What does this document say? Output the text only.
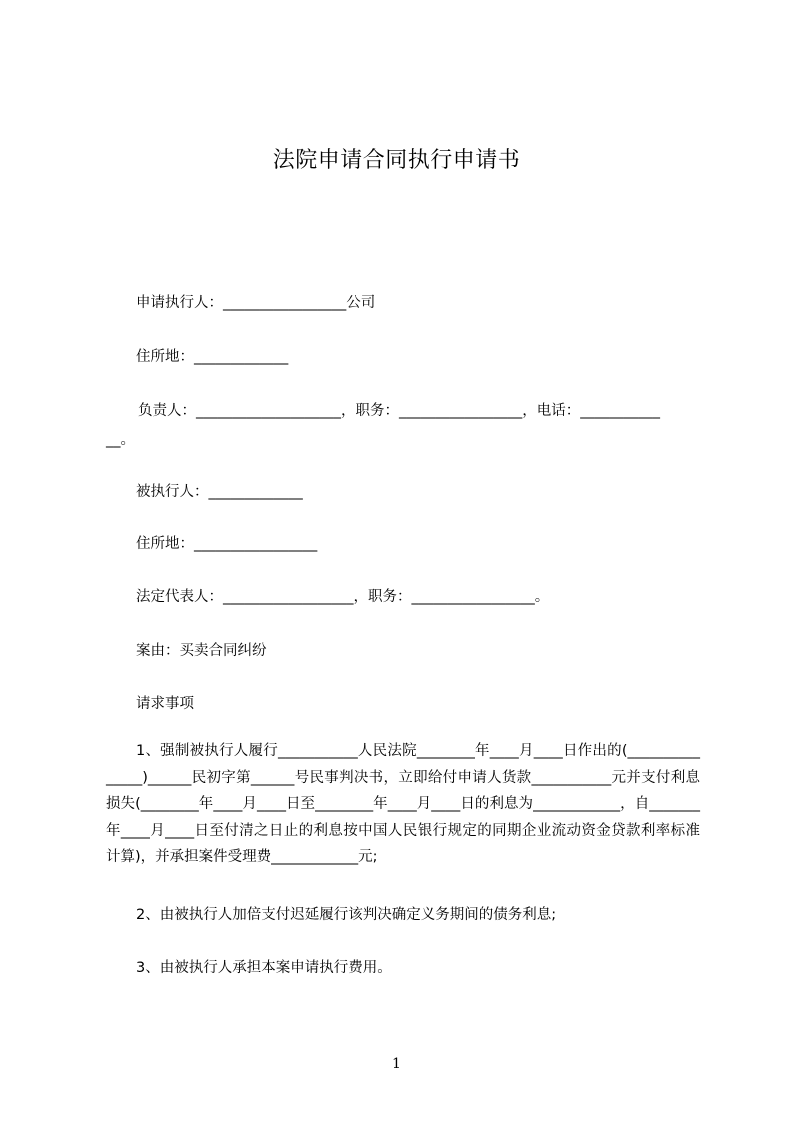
法院申请合同执行申请书
申请执行人：_________________公司
住所地：_____________
负责人：____________________，职务：_________________，电话：___________
__。
被执行人：_____________
住所地：_________________
法定代表人：__________________，职务：_________________。
案由：买卖合同纠纷
请求事项
1、强制被执行人履行___________人民法院________年____月____日作出的(_______________)______民初字第______号民事判决书，立即给付申请人货款___________元并支付利息损失(________年____月____日至________年____月____日的利息为____________，自_______年____月____日至付清之日止的利息按中国人民银行规定的同期企业流动资金贷款利率标准计算)，并承担案件受理费____________元;
2、由被执行人加倍支付迟延履行该判决确定义务期间的债务利息;
3、由被执行人承担本案申请执行费用。
1
